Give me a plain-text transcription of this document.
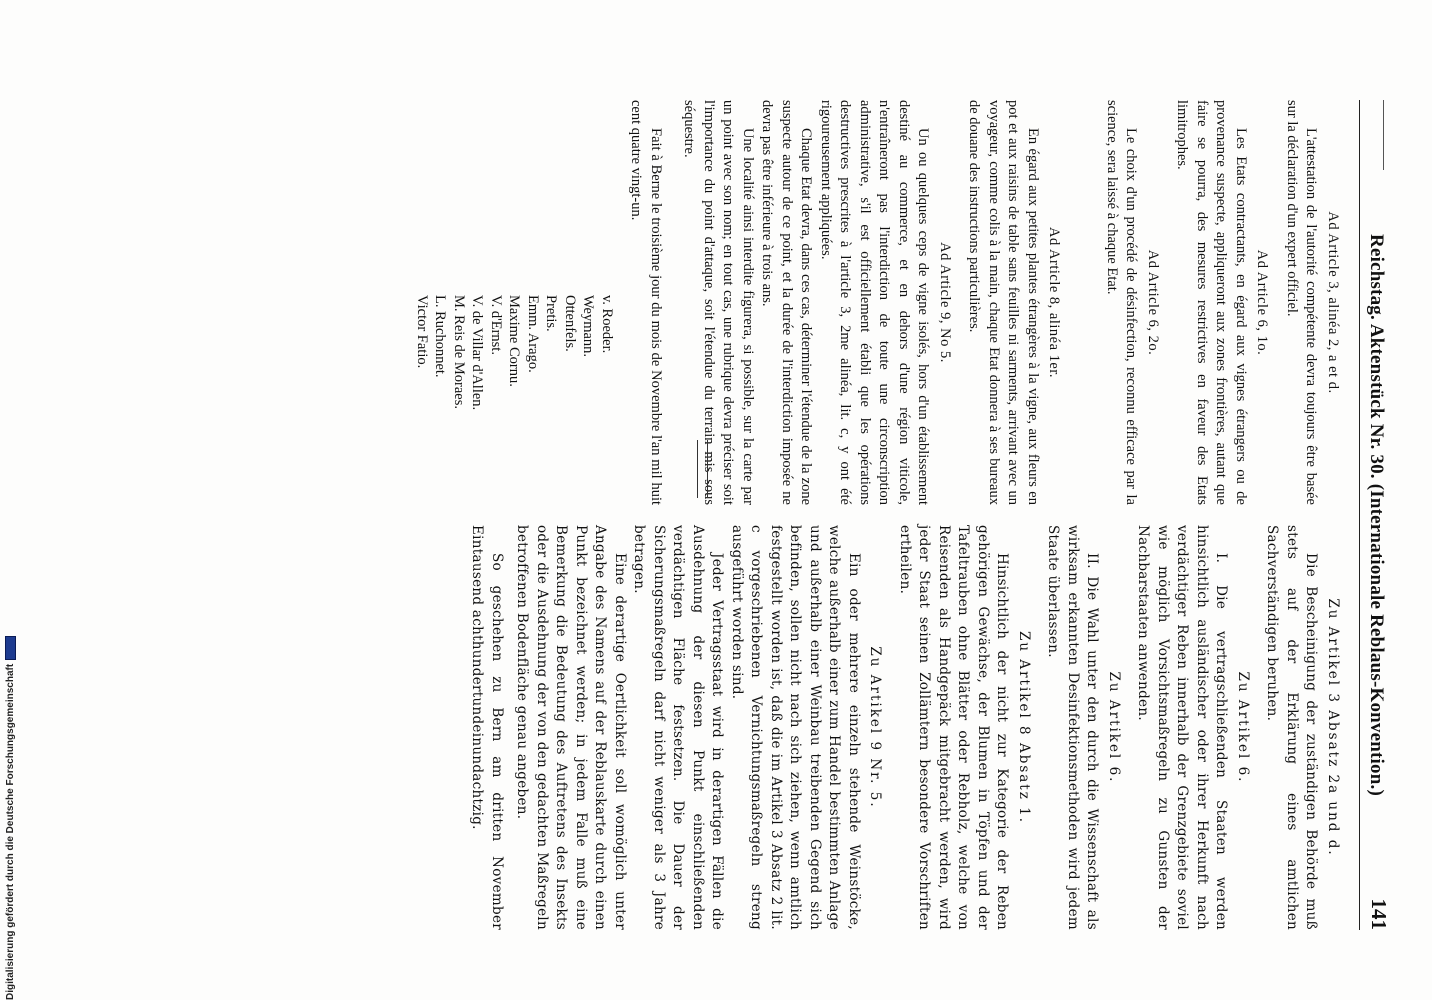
Reichstag. Aktenstück Nr. 30. (Internationale Reblaus-Konvention.)
141
Ad Article 3, alinéa 2, a et d.

L'attestation de l'autorité compétente devra toujours être basée sur la déclaration d'un expert officiel.

Ad Article 6, 1o.

Les Etats contractants, en égard aux vignes étrangers ou de provenance suspecte, appliqueront aux zones frontières, autant que faire se pourra, des mesures restrictives en faveur des Etats limitrophes.

Ad Article 6, 2o.

Le choix d'un procédé de désinfection, reconnu efficace par la science, sera laissé à chaque Etat.

Ad Article 8, alinéa 1er.

En égard aux petites plantes étrangères à la vigne, aux fleurs en pot et aux raisins de table sans feuilles ni sarments, arrivant avec un voyageur, comme colis à la main, chaque Etat donnera à ses bureaux de douane des instructions particulières.

Ad Article 9, No 5.

Un ou quelques ceps de vigne isolés, hors d'un établissement destiné au commerce, et en dehors d'une région viticole, n'entraîneront pas l'interdiction de toute une circonscription administrative, s'il est officiellement établi que les opérations destructives prescrites à l'article 3, 2me alinéa, lit. c, y ont été rigoureusement appliquées.

Chaque Etat devra, dans ces cas, déterminer l'étendue de la zone suspecte autour de ce point, et la durée de l'interdiction imposée ne devra pas être inférieure à trois ans.

Une localité ainsi interdite figurera, si possible, sur la carte par un point avec son nom; en tout cas, une rubrique devra préciser soit l'importance du point d'attaque, soit l'étendue du terrain mis sous séquestre.

Fait à Berne le troisième jour du mois de Novembre l'an mil huit cent quatre vingt-un.

v. Roeder.
Weymann.
Ottenfels.
Pretis.
Emm. Arago.
Maxime Cornu.
V. d'Ernst.
V. de Villar d'Allen.
M. Reis de Moraes.
L. Ruchonnet.
Victor Fatio.
Zu Artikel 3 Absatz 2a und d.

Die Bescheinigung der zuständigen Behörde muß stets auf der Erklärung eines amtlichen Sachverständigen beruhen.

Zu Artikel 6.

I. Die vertragschließenden Staaten werden hinsichtlich ausländischer oder ihrer Herkunft nach verdächtiger Reben innerhalb der Grenzgebiete soviel wie möglich Vorsichtsmaßregeln zu Gunsten der Nachbarstaaten anwenden.

Zu Artikel 6.

II. Die Wahl unter den durch die Wissenschaft als wirksam erkannten Desinfektionsmethoden wird jedem Staate überlassen.

Zu Artikel 8 Absatz 1.

Hinsichtlich der nicht zur Kategorie der Reben gehörigen Gewächse, der Blumen in Töpfen und der Tafeltrauben ohne Blätter oder Rebholz, welche von Reisenden als Handgepäck mitgebracht werden, wird jeder Staat seinen Zollämtern besondere Vorschriften ertheilen.

Zu Artikel 9 Nr. 5.

Ein oder mehrere einzeln stehende Weinstöcke, welche außerhalb einer zum Handel bestimmten Anlage und außerhalb einer Weinbau treibenden Gegend sich befinden, sollen nicht nach sich ziehen, wenn amtlich festgestellt worden ist, daß die im Artikel 3 Absatz 2 lit. c vorgeschriebenen Vernichtungsmaßregeln streng ausgeführt worden sind.

Jeder Vertragsstaat wird in derartigen Fällen die Ausdehnung der diesen Punkt einschließenden verdächtigen Fläche festsetzen. Die Dauer der Sicherungsmaßregeln darf nicht weniger als 3 Jahre betragen.

Eine derartige Oertlichkeit soll womöglich unter Angabe des Namens auf der Reblauskarte durch einen Punkt bezeichnet werden; in jedem Falle muß eine Bemerkung die Bedeutung des Auftretens des Insekts oder die Ausdehnung der von den gedachten Maßregeln betroffenen Bodenfläche genau angeben.

So geschehen zu Bern am dritten November Eintausend achthundertundeinundachtzig.

Digitalisierung gefördert durch die Deutsche Forschungsgemeinschaft
